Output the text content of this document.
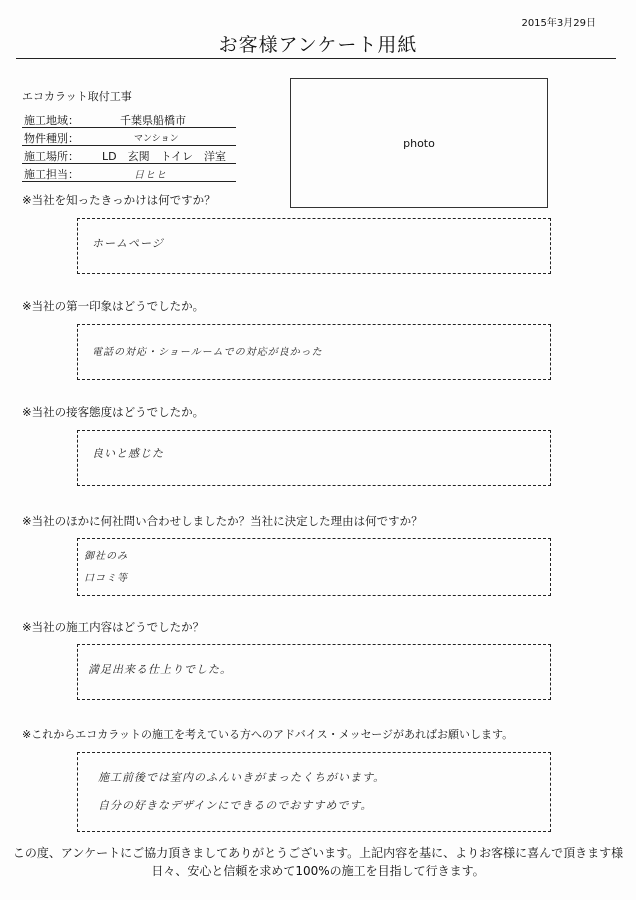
2015年3月29日
お客様アンケート用紙
エコカラット取付工事
施工地域：	千葉県船橋市
物件種別：	マンション
施工場所： LD　玄関　トイレ　洋室
施工担当：	日ヒヒ
photo
※当社を知ったきっかけは何ですか？
ホームページ
※当社の第一印象はどうでしたか。
電話の対応・ショールームでの対応が良かった
※当社の接客態度はどうでしたか。
良いと感じた
※当社のほかに何社問い合わせしましたか？当社に決定した理由は何ですか？
御社のみ
口コミ等
※当社の施工内容はどうでしたか？
満足出来る仕上りでした。
※これからエコカラットの施工を考えている方へのアドバイス・メッセージがあればお願いします。
施工前後では室内のふんいきがまったくちがいます。
自分の好きなデザインにできるのでおすすめです。
この度、アンケートにご協力頂きましてありがとうございます。上記内容を基に、よりお客様に喜んで頂きます様
日々、安心と信頼を求めて100%の施工を目指して行きます。
